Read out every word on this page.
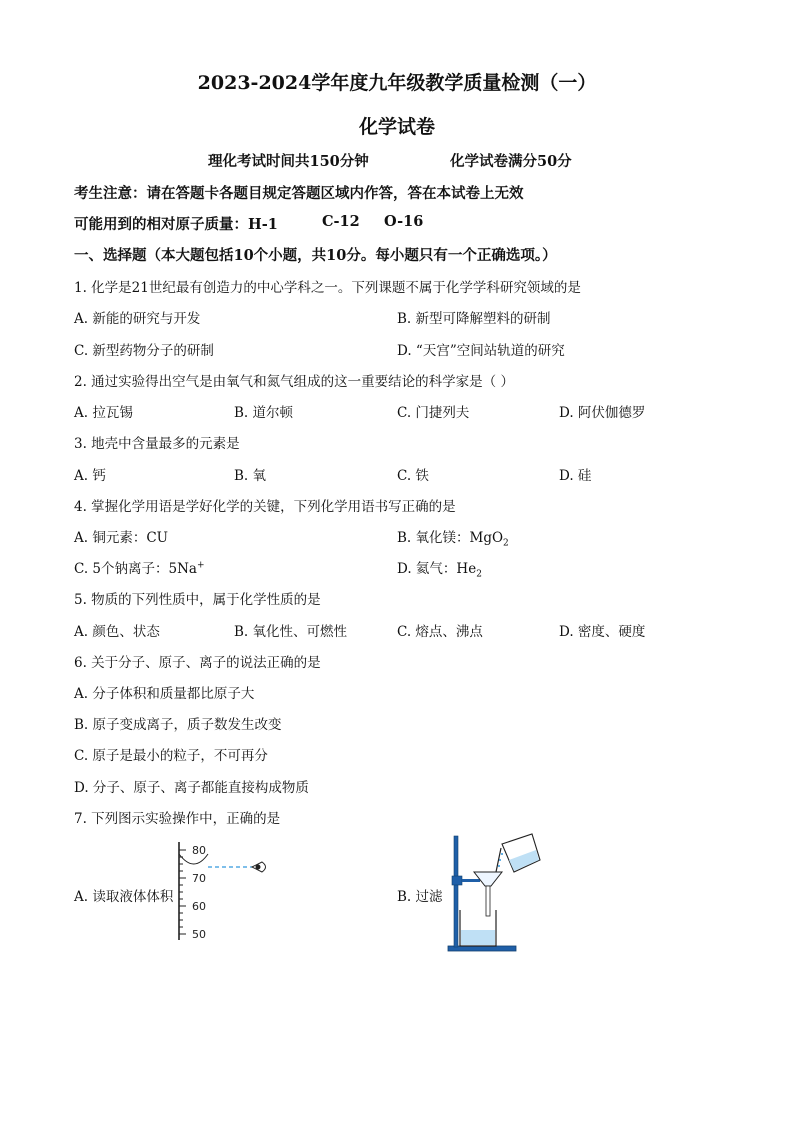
2023-2024学年度九年级教学质量检测（一）
化学试卷
理化考试时间共150分钟	化学试卷满分50分
考生注意：请在答题卡各题目规定答题区域内作答，答在本试卷上无效
可能用到的相对原子质量：H-1	C-12 O-16
一、选择题（本大题包括10个小题，共10分。每小题只有一个正确选项。）
1. 化学是21世纪最有创造力的中心学科之一。下列课题不属于化学学科研究领域的是
A. 新能的研究与开发	B. 新型可降解塑料的研制
C. 新型药物分子的研制	D. “天宫”空间站轨道的研究
2. 通过实验得出空气是由氧气和氮气组成的这一重要结论的科学家是（ ）
A. 拉瓦锡	B. 道尔顿	C. 门捷列夫	D. 阿伏伽德罗
3. 地壳中含量最多的元素是
A. 钙	B. 氧	C. 铁	D. 硅
4. 掌握化学用语是学好化学的关键，下列化学用语书写正确的是
A. 铜元素：CU	B. 氧化镁：MgO$_2$
C. 5个钠离子：5Na+	D. 氦气：$He_2$
5. 物质的下列性质中，属于化学性质的是
A. 颜色、状态	B. 氧化性、可燃性	C. 熔点、沸点	D. 密度、硬度
6. 关于分子、原子、离子的说法正确的是
A. 分子体积和质量都比原子大
B. 原子变成离子，质子数发生改变
C. 原子是最小的粒子，不可再分
D. 分子、原子、离子都能直接构成物质
7. 下列图示实验操作中，正确的是
A. 读取液体体积	B. 过滤
80
70
60
50
